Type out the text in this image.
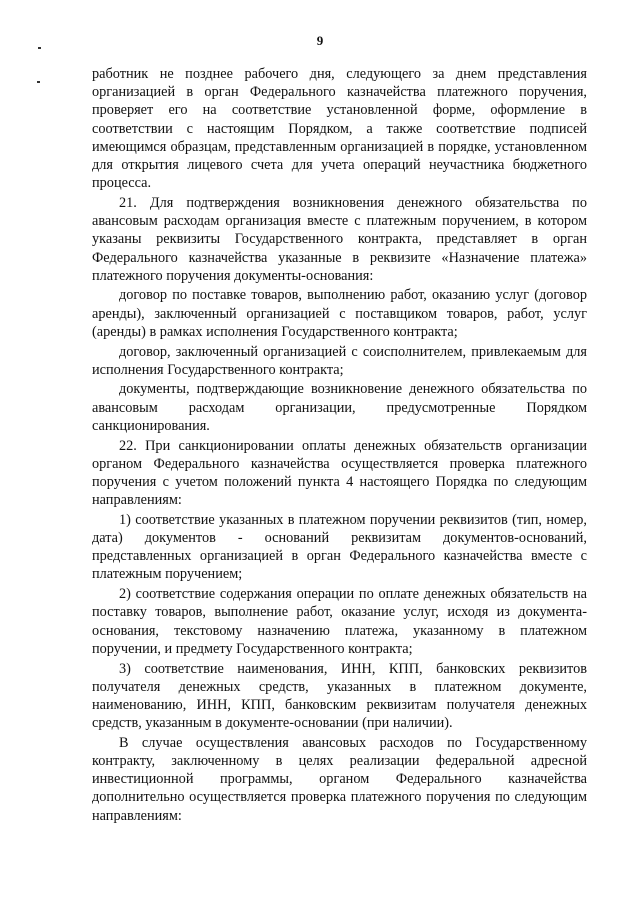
9

работник не позднее рабочего дня, следующего за днем представления организацией в орган Федерального казначейства платежного поручения, проверяет его на соответствие установленной форме, оформление в соответствии с настоящим Порядком, а также соответствие подписей имеющимся образцам, представленным организацией в порядке, установленном для открытия лицевого счета для учета операций неучастника бюджетного процесса.

21. Для подтверждения возникновения денежного обязательства по авансовым расходам организация вместе с платежным поручением, в котором указаны реквизиты Государственного контракта, представляет в орган Федерального казначейства указанные в реквизите «Назначение платежа» платежного поручения документы-основания:

договор по поставке товаров, выполнению работ, оказанию услуг (договор аренды), заключенный организацией с поставщиком товаров, работ, услуг (аренды) в рамках исполнения Государственного контракта;

договор, заключенный организацией с соисполнителем, привлекаемым для исполнения Государственного контракта;

документы, подтверждающие возникновение денежного обязательства по авансовым расходам организации, предусмотренные Порядком санкционирования.

22. При санкционировании оплаты денежных обязательств организации органом Федерального казначейства осуществляется проверка платежного поручения с учетом положений пункта 4 настоящего Порядка по следующим направлениям:

1) соответствие указанных в платежном поручении реквизитов (тип, номер, дата) документов - оснований реквизитам документов-оснований, представленных организацией в орган Федерального казначейства вместе с платежным поручением;

2) соответствие содержания операции по оплате денежных обязательств на поставку товаров, выполнение работ, оказание услуг, исходя из документа-основания, текстовому назначению платежа, указанному в платежном поручении, и предмету Государственного контракта;

3) соответствие наименования, ИНН, КПП, банковских реквизитов получателя денежных средств, указанных в платежном документе, наименованию, ИНН, КПП, банковским реквизитам получателя денежных средств, указанным в документе-основании (при наличии).

В случае осуществления авансовых расходов по Государственному контракту, заключенному в целях реализации федеральной адресной инвестиционной программы, органом Федерального казначейства дополнительно осуществляется проверка платежного поручения по следующим направлениям:
